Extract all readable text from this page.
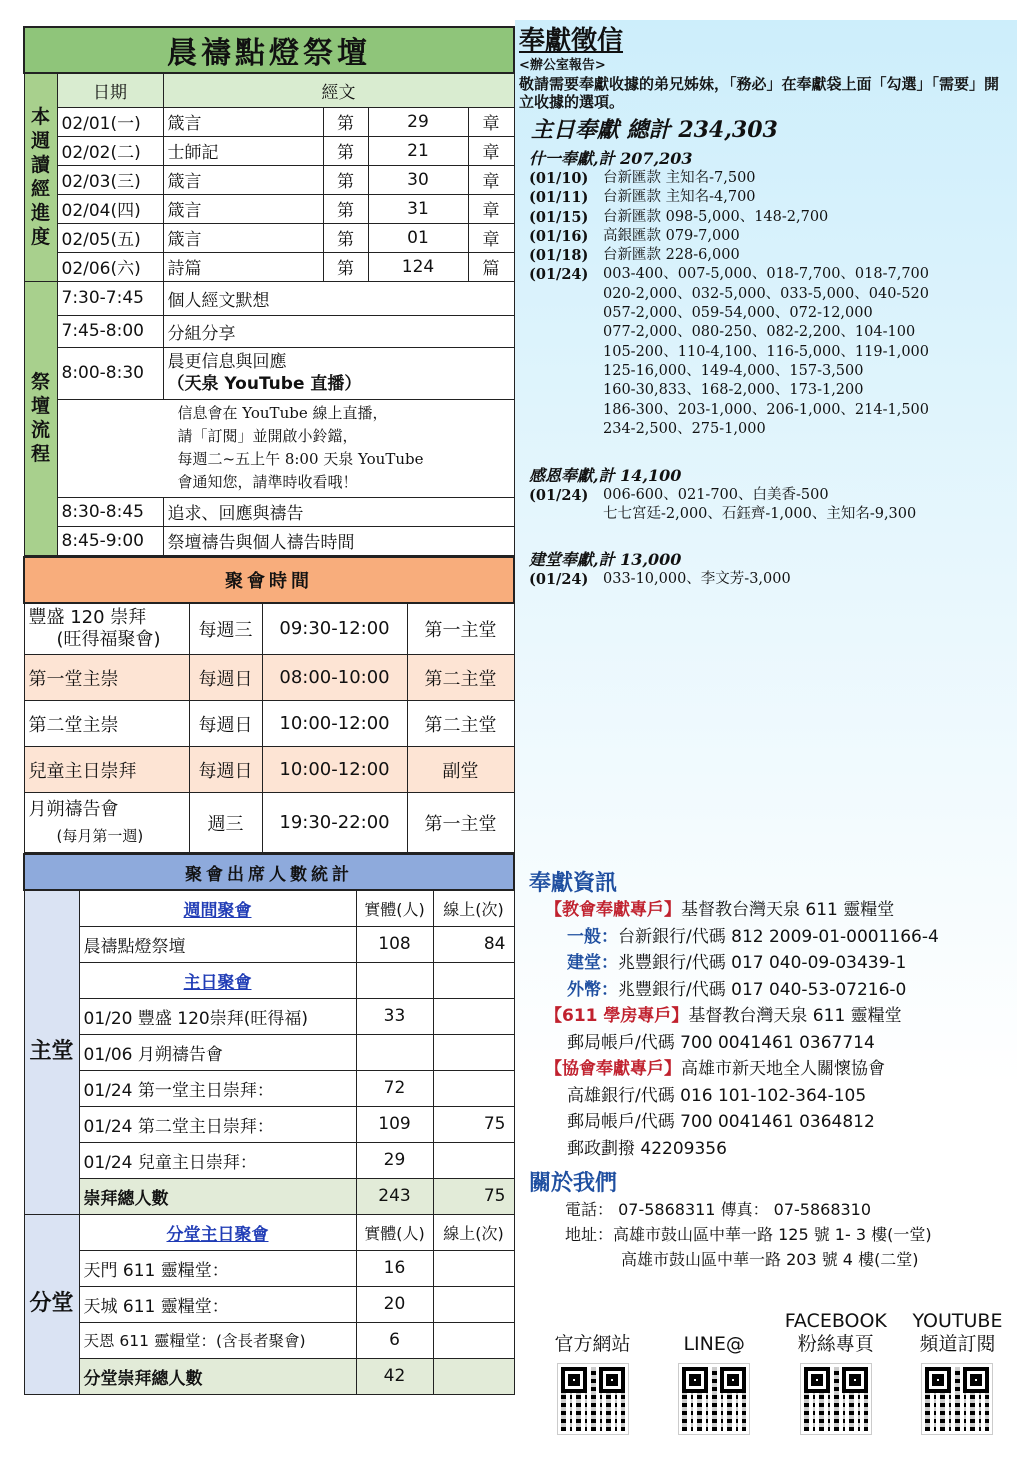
晨禱點燈祭壇					
本週讀經進度	日期	經文			
	02/01(一)	箴言	第	29	章
	02/02(二)	士師記	第	21	章
	02/03(三)	箴言	第	30	章
	02/04(四)	箴言	第	31	章
	02/05(五)	箴言	第	01	章
	02/06(六)	詩篇	第	124	篇
祭壇流程	7:30-7:45	個人經文默想			
	7:45-8:00	分組分享			
	8:00-8:30	晨更信息與回應
（天泉 YouTube 直播）			

	信息會在 YouTube 線上直播，
請「訂閱」並開啟小鈴鐺，
每週二~五上午 8:00 天泉 YouTube
會通知您，請準時收看哦！				

	8:30-8:45	追求、回應與禱告			
	8:45-9:00	祭壇禱告與個人禱告時間			
聚會時間			

豐盛 120 崇拜
(旺得福聚會)	每週三	09:30-12:00	第一主堂
第一堂主崇	每週日	08:00-10:00	第二主堂
第二堂主崇	每週日	10:00-12:00	第二主堂
兒童主日崇拜	每週日	10:00-12:00	副堂

月朔禱告會
(每月第一週)	週三	19:30-22:00	第一主堂
聚會出席人數統計			
主堂	週間聚會	實體(人)	線上(次)
	晨禱點燈祭壇	108	84
	主日聚會		
	01/20 豐盛 120崇拜(旺得福)	33	
	01/06 月朔禱告會		
	01/24 第一堂主日崇拜：	72	
	01/24 第二堂主日崇拜：	109	75
	01/24 兒童主日崇拜：	29	
	崇拜總人數	243	75
分堂	分堂主日聚會	實體(人)	線上(次)
	天門 611 靈糧堂：	16	
	天城 611 靈糧堂：	20	
	天恩 611 靈糧堂：(含長者聚會)	6	
	分堂崇拜總人數	42	
奉獻徵信
<辦公室報告>
敬請需要奉獻收據的弟兄姊妹，「務必」在奉獻袋上面「勾選」「需要」開立收據的選項。
主日奉獻 總計 234,303
什一奉獻,計 207,203
(01/10)	台新匯款 主知名-7,500
(01/11)	台新匯款 主知名-4,700
(01/15)	台新匯款 098-5,000、148-2,700
(01/16)	高銀匯款 079-7,000
(01/18)	台新匯款 228-6,000
(01/24)	003-400、007-5,000、018-7,700、018-7,700
020-2,000、032-5,000、033-5,000、040-520
057-2,000、059-54,000、072-12,000
077-2,000、080-250、082-2,200、104-100
105-200、110-4,100、116-5,000、119-1,000
125-16,000、149-4,000、157-3,500
160-30,833、168-2,000、173-1,200
186-300、203-1,000、206-1,000、214-1,500
234-2,500、275-1,000
感恩奉獻,計 14,100
(01/24)	006-600、021-700、白美香-500
七七宮廷-2,000、石鈺齊-1,000、主知名-9,300
建堂奉獻,計 13,000
(01/24)	033-10,000、李文芳-3,000
奉獻資訊
【教會奉獻專戶】基督教台灣天泉 611 靈糧堂
一般：台新銀行/代碼 812 2009-01-0001166-4
建堂：兆豐銀行/代碼 017 040-09-03439-1
外幣：兆豐銀行/代碼 017 040-53-07216-0
【611 學房專戶】基督教台灣天泉 611 靈糧堂
郵局帳戶/代碼 700 0041461 0367714
【協會奉獻專戶】高雄市新天地全人關懷協會
高雄銀行/代碼 016 101-102-364-105
郵局帳戶/代碼 700 0041461 0364812
郵政劃撥 42209356
關於我們
電話： 07-5868311 傳真： 07-5868310
地址：高雄市鼓山區中華一路 125 號 1- 3 樓(一堂)
高雄市鼓山區中華一路 203 號 4 樓(二堂)
官方網站	LINE@
FACEBOOK
粉絲專頁
YOUTUBE
頻道訂閱
